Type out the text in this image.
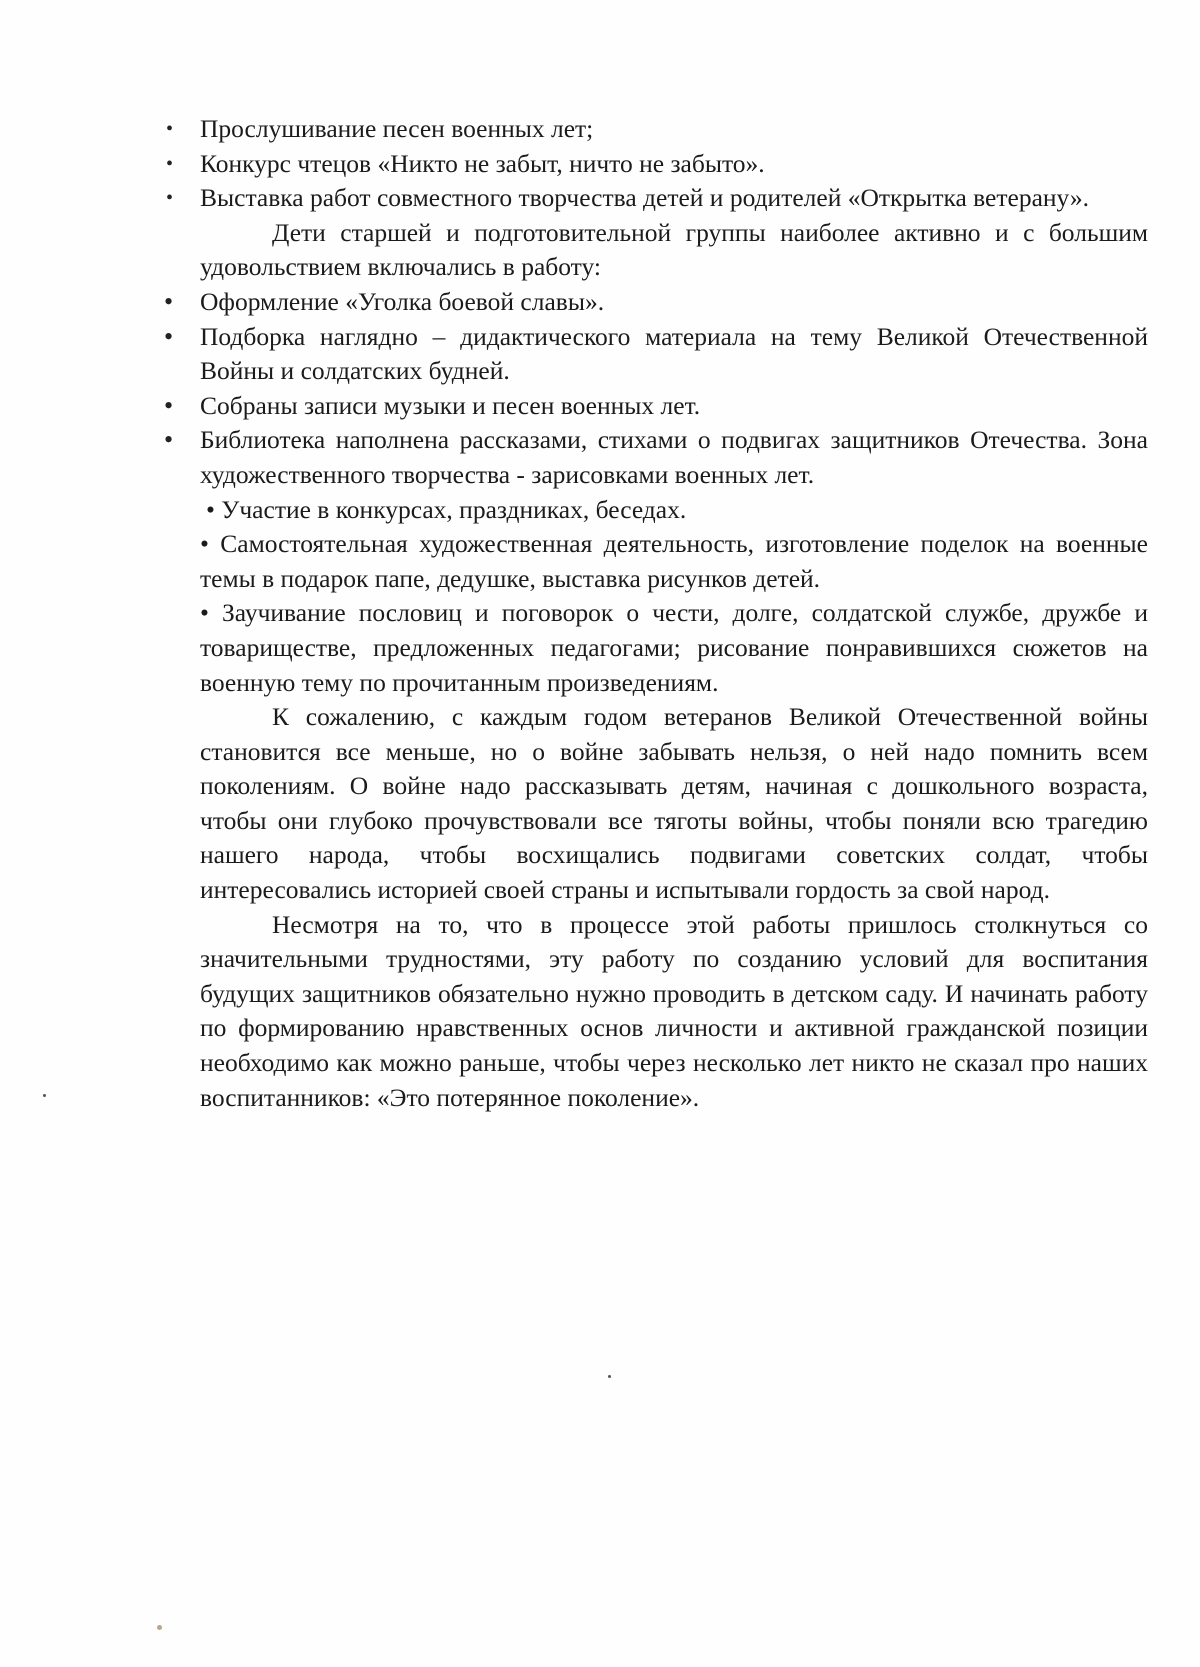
• Прослушивание песен военных лет;
• Конкурс чтецов «Никто не забыт, ничто не забыто».
• Выставка работ совместного творчества детей и родителей «Открытка ветерану».

Дети старшей и подготовительной группы наиболее активно и с большим удовольствием включались в работу:

• Оформление «Уголка боевой славы».
• Подборка наглядно – дидактического материала на тему Великой Отечественной Войны и солдатских будней.
• Собраны записи музыки и песен военных лет.
• Библиотека наполнена рассказами, стихами о подвигах защитников Отечества. Зона художественного творчества - зарисовками военных лет.

• Участие в конкурсах, праздниках, беседах.

• Самостоятельная художественная деятельность, изготовление поделок на военные темы в подарок папе, дедушке, выставка рисунков детей.

• Заучивание пословиц и поговорок о чести, долге, солдатской службе, дружбе и товариществе, предложенных педагогами; рисование понравившихся сюжетов на военную тему по прочитанным произведениям.

К сожалению, с каждым годом ветеранов Великой Отечественной войны становится все меньше, но о войне забывать нельзя, о ней надо помнить всем поколениям. О войне надо рассказывать детям, начиная с дошкольного возраста, чтобы они глубоко прочувствовали все тяготы войны, чтобы поняли всю трагедию нашего народа, чтобы восхищались подвигами советских солдат, чтобы интересовались историей своей страны и испытывали гордость за свой народ.

Несмотря на то, что в процессе этой работы пришлось столкнуться со значительными трудностями, эту работу по созданию условий для воспитания будущих защитников обязательно нужно проводить в детском саду. И начинать работу по формированию нравственных основ личности и активной гражданской позиции необходимо как можно раньше, чтобы через несколько лет никто не сказал про наших воспитанников: «Это потерянное поколение».
